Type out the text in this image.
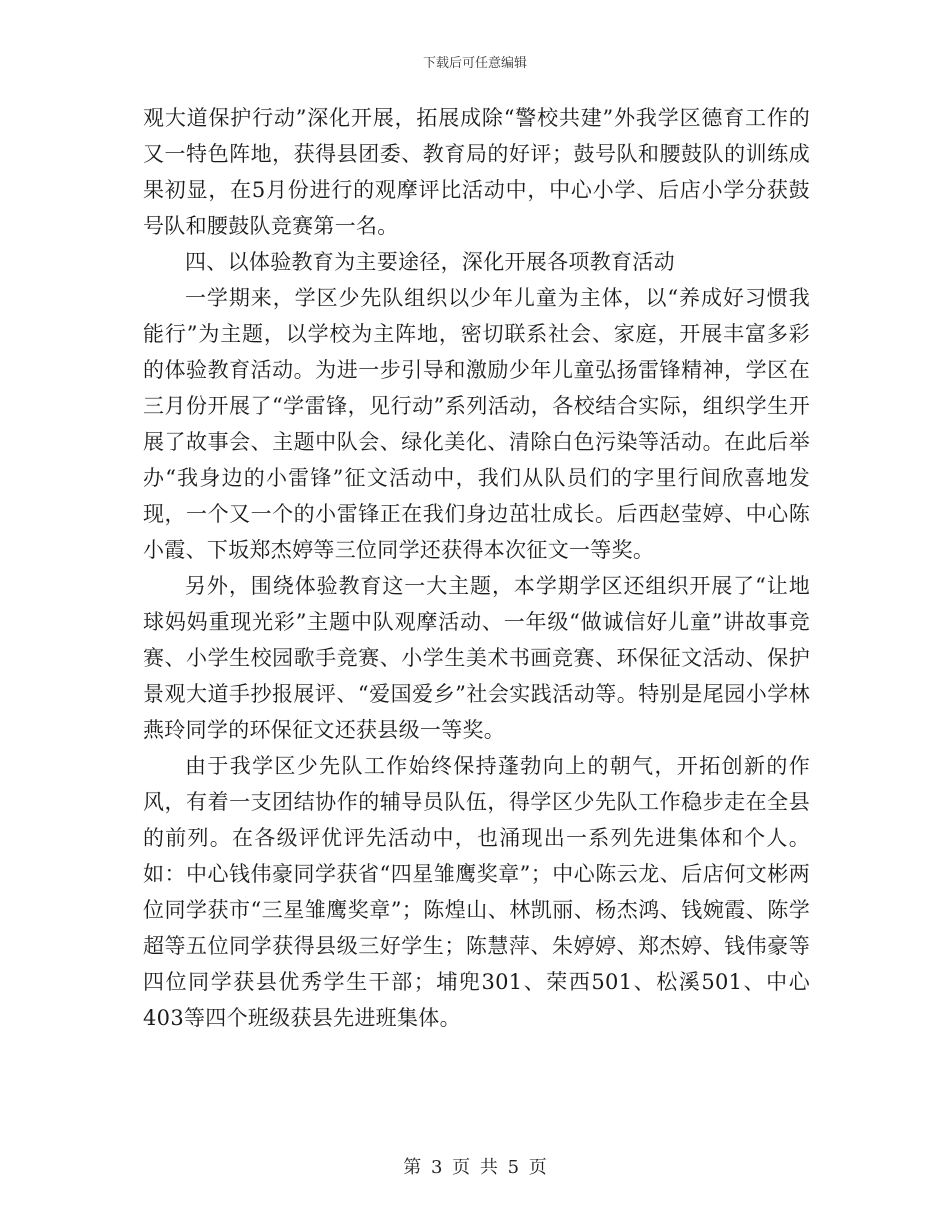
下载后可任意编辑

观大道保护行动”深化开展，拓展成除“警校共建”外我学区德育工作的又一特色阵地，获得县团委、教育局的好评；鼓号队和腰鼓队的训练成果初显，在5月份进行的观摩评比活动中，中心小学、后店小学分获鼓号队和腰鼓队竞赛第一名。

四、以体验教育为主要途径，深化开展各项教育活动

一学期来，学区少先队组织以少年儿童为主体，以“养成好习惯我能行”为主题，以学校为主阵地，密切联系社会、家庭，开展丰富多彩的体验教育活动。为进一步引导和激励少年儿童弘扬雷锋精神，学区在三月份开展了“学雷锋，见行动”系列活动，各校结合实际，组织学生开展了故事会、主题中队会、绿化美化、清除白色污染等活动。在此后举办“我身边的小雷锋”征文活动中，我们从队员们的字里行间欣喜地发现，一个又一个的小雷锋正在我们身边茁壮成长。后西赵莹婷、中心陈小霞、下坂郑杰婷等三位同学还获得本次征文一等奖。

另外，围绕体验教育这一大主题，本学期学区还组织开展了“让地球妈妈重现光彩”主题中队观摩活动、一年级“做诚信好儿童”讲故事竞赛、小学生校园歌手竞赛、小学生美术书画竞赛、环保征文活动、保护景观大道手抄报展评、“爱国爱乡”社会实践活动等。特别是尾园小学林燕玲同学的环保征文还获县级一等奖。

由于我学区少先队工作始终保持蓬勃向上的朝气，开拓创新的作风，有着一支团结协作的辅导员队伍，得学区少先队工作稳步走在全县的前列。在各级评优评先活动中，也涌现出一系列先进集体和个人。如：中心钱伟豪同学获省“四星雏鹰奖章”；中心陈云龙、后店何文彬两位同学获市“三星雏鹰奖章”；陈煌山、林凯丽、杨杰鸿、钱婉霞、陈学超等五位同学获得县级三好学生；陈慧萍、朱婷婷、郑杰婷、钱伟豪等四位同学获县优秀学生干部；埔兜301、荣西501、松溪501、中心403等四个班级获县先进班集体。

第 3 页 共 5 页
